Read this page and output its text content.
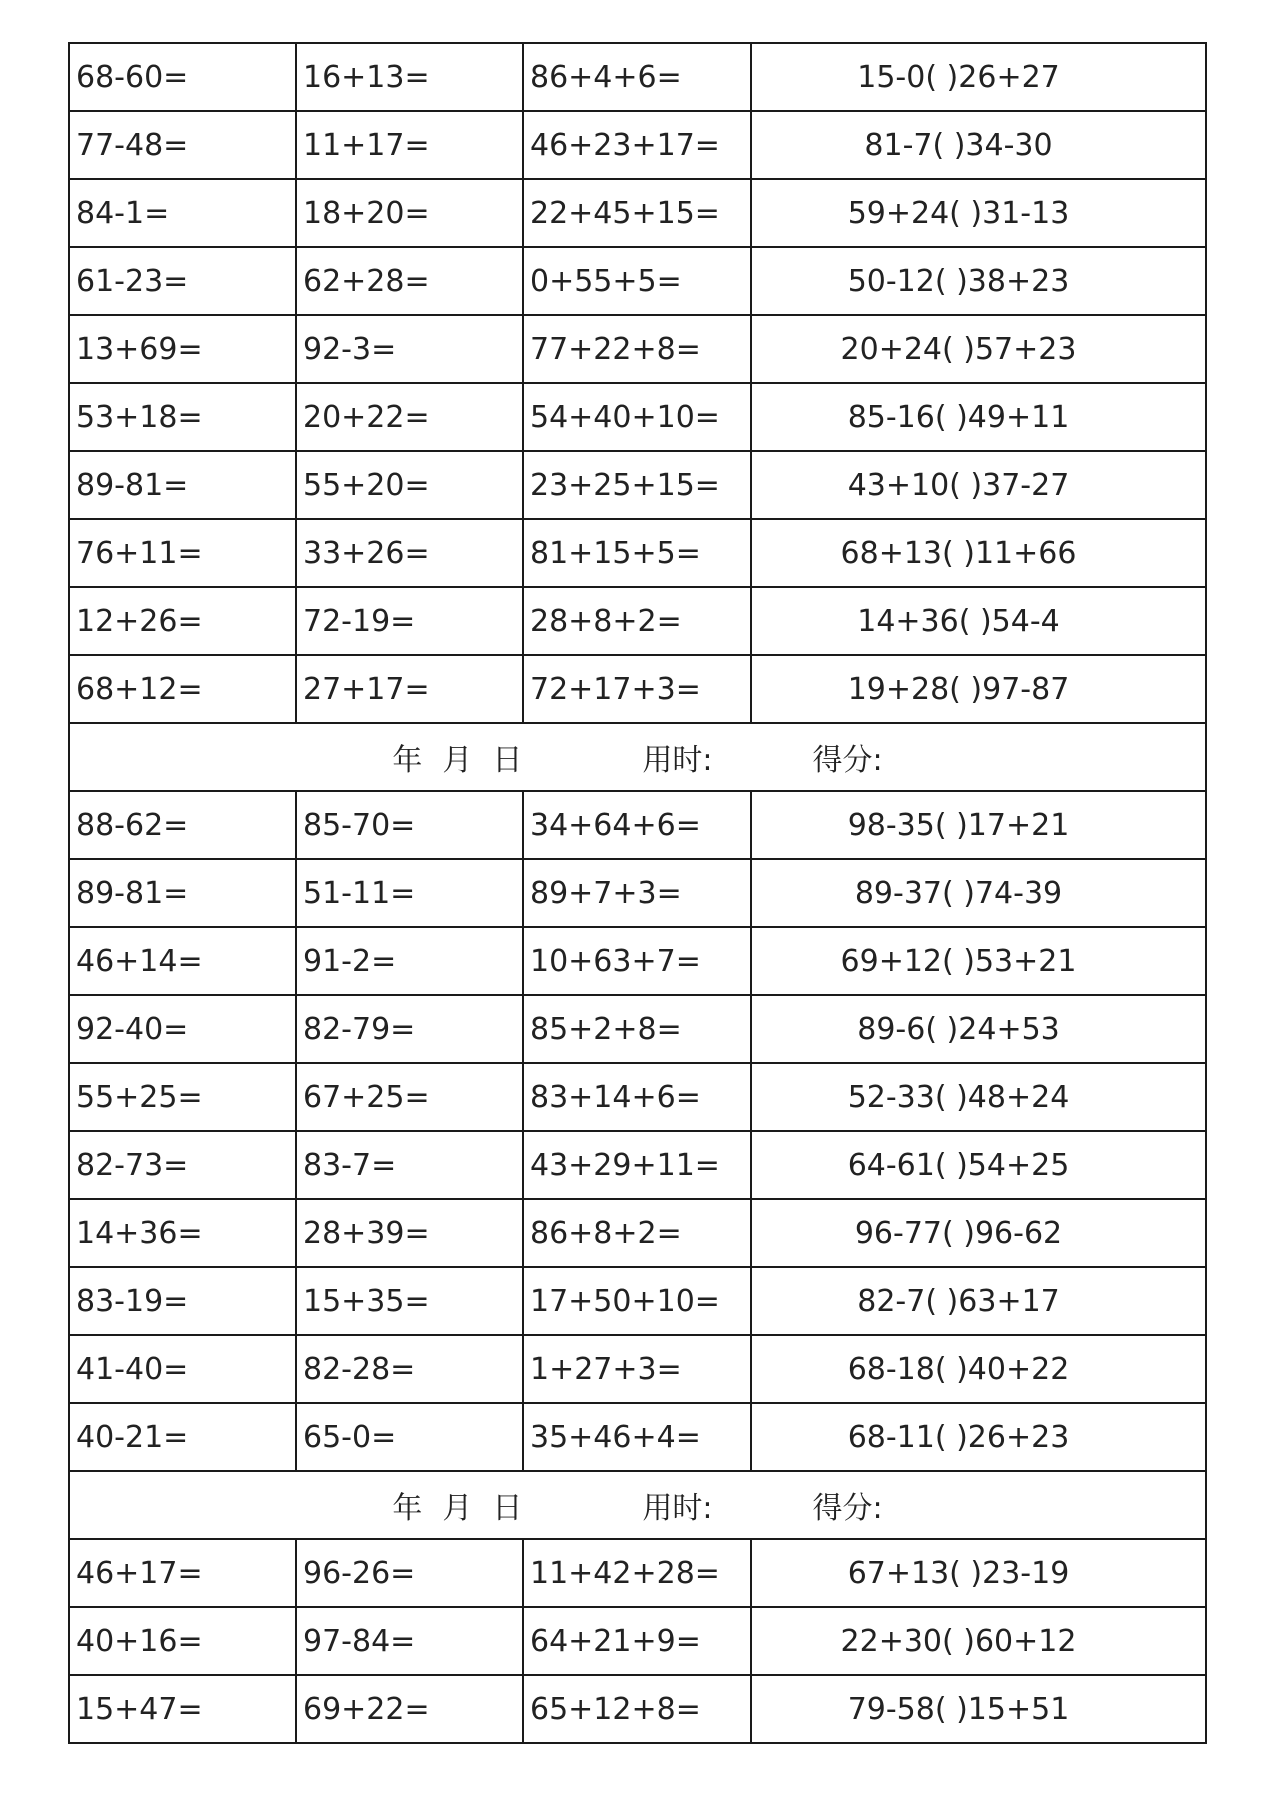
68-60=	16+13=	86+4+6=	15-0( )26+27
77-48=	11+17=	46+23+17=	81-7( )34-30
84-1=	18+20=	22+45+15=	59+24( )31-13
61-23=	62+28=	0+55+5=	50-12( )38+23
13+69=	92-3=	77+22+8=	20+24( )57+23
53+18=	20+22=	54+40+10=	85-16( )49+11
89-81=	55+20=	23+25+15=	43+10( )37-27
76+11=	33+26=	81+15+5=	68+13( )11+66
12+26=	72-19=	28+8+2=	14+36( )54-4
68+12=	27+17=	72+17+3=	19+28( )97-87
年 月 日 用时: 得分:			
88-62=	85-70=	34+64+6=	98-35( )17+21
89-81=	51-11=	89+7+3=	89-37( )74-39
46+14=	91-2=	10+63+7=	69+12( )53+21
92-40=	82-79=	85+2+8=	89-6( )24+53
55+25=	67+25=	83+14+6=	52-33( )48+24
82-73=	83-7=	43+29+11=	64-61( )54+25
14+36=	28+39=	86+8+2=	96-77( )96-62
83-19=	15+35=	17+50+10=	82-7( )63+17
41-40=	82-28=	1+27+3=	68-18( )40+22
40-21=	65-0=	35+46+4=	68-11( )26+23
年 月 日 用时: 得分:			
46+17=	96-26=	11+42+28=	67+13( )23-19
40+16=	97-84=	64+21+9=	22+30( )60+12
15+47=	69+22=	65+12+8=	79-58( )15+51
